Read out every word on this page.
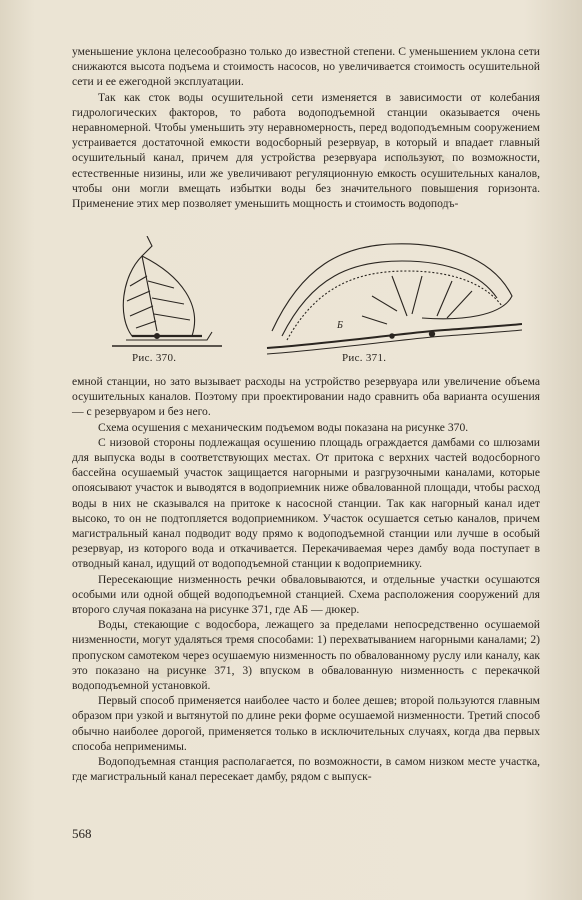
уменьшение уклона целесообразно только до известной степени. С уменьшением уклона сети снижаются высота подъема и стоимость насосов, но увеличивается стоимость осушительной сети и ее ежегодной эксплуатации.

Так как сток воды осушительной сети изменяется в зависимости от колебания гидрологических факторов, то работа водоподъемной станции оказывается очень неравномерной. Чтобы уменьшить эту неравномерность, перед водоподъемным сооружением устраивается достаточной емкости водосборный резервуар, в который и впадает главный осушительный канал, причем для устройства резервуара используют, по возможности, естественные низины, или же увеличивают регуляционную емкость осушительных каналов, чтобы они могли вмещать избытки воды без значительного повышения горизонта. Применение этих мер позволяет уменьшить мощность и стоимость водоподъ-

Б
Рис. 370.	Рис. 371.

емной станции, но зато вызывает расходы на устройство резервуара или увеличение объема осушительных каналов. Поэтому при проектировании надо сравнить оба варианта осушения — с резервуаром и без него.

Схема осушения с механическим подъемом воды показана на рисунке 370.

С низовой стороны подлежащая осушению площадь ограждается дамбами со шлюзами для выпуска воды в соответствующих местах. От притока с верхних частей водосборного бассейна осушаемый участок защищается нагорными и разгрузочными каналами, которые опоясывают участок и выводятся в водоприемник ниже обвалованной площади, чтобы расход воды в них не сказывался на притоке к насосной станции. Так как нагорный канал идет высоко, то он не подтопляется водоприемником. Участок осушается сетью каналов, причем магистральный канал подводит воду прямо к водоподъемной станции или лучше в особый резервуар, из которого вода и откачивается. Перекачиваемая через дамбу вода поступает в отводный канал, идущий от водоподъемной станции к водоприемнику.

Пересекающие низменность речки обваловываются, и отдельные участки осушаются особыми или одной общей водоподъемной станцией. Схема расположения сооружений для второго случая показана на рисунке 371, где АБ — дюкер.

Воды, стекающие с водосбора, лежащего за пределами непосредственно осушаемой низменности, могут удаляться тремя способами: 1) перехватыванием нагорными каналами; 2) пропуском самотеком через осушаемую низменность по обвалованному руслу или каналу, как это показано на рисунке 371, 3) впуском в обвалованную низменность с перекачкой водоподъемной установкой.

Первый способ применяется наиболее часто и более дешев; второй пользуются главным образом при узкой и вытянутой по длине реки форме осушаемой низменности. Третий способ обычно наиболее дорогой, применяется только в исключительных случаях, когда два первых способа неприменимы.

Водоподъемная станция располагается, по возможности, в самом низком месте участка, где магистральный канал пересекает дамбу, рядом с выпуск-

568
